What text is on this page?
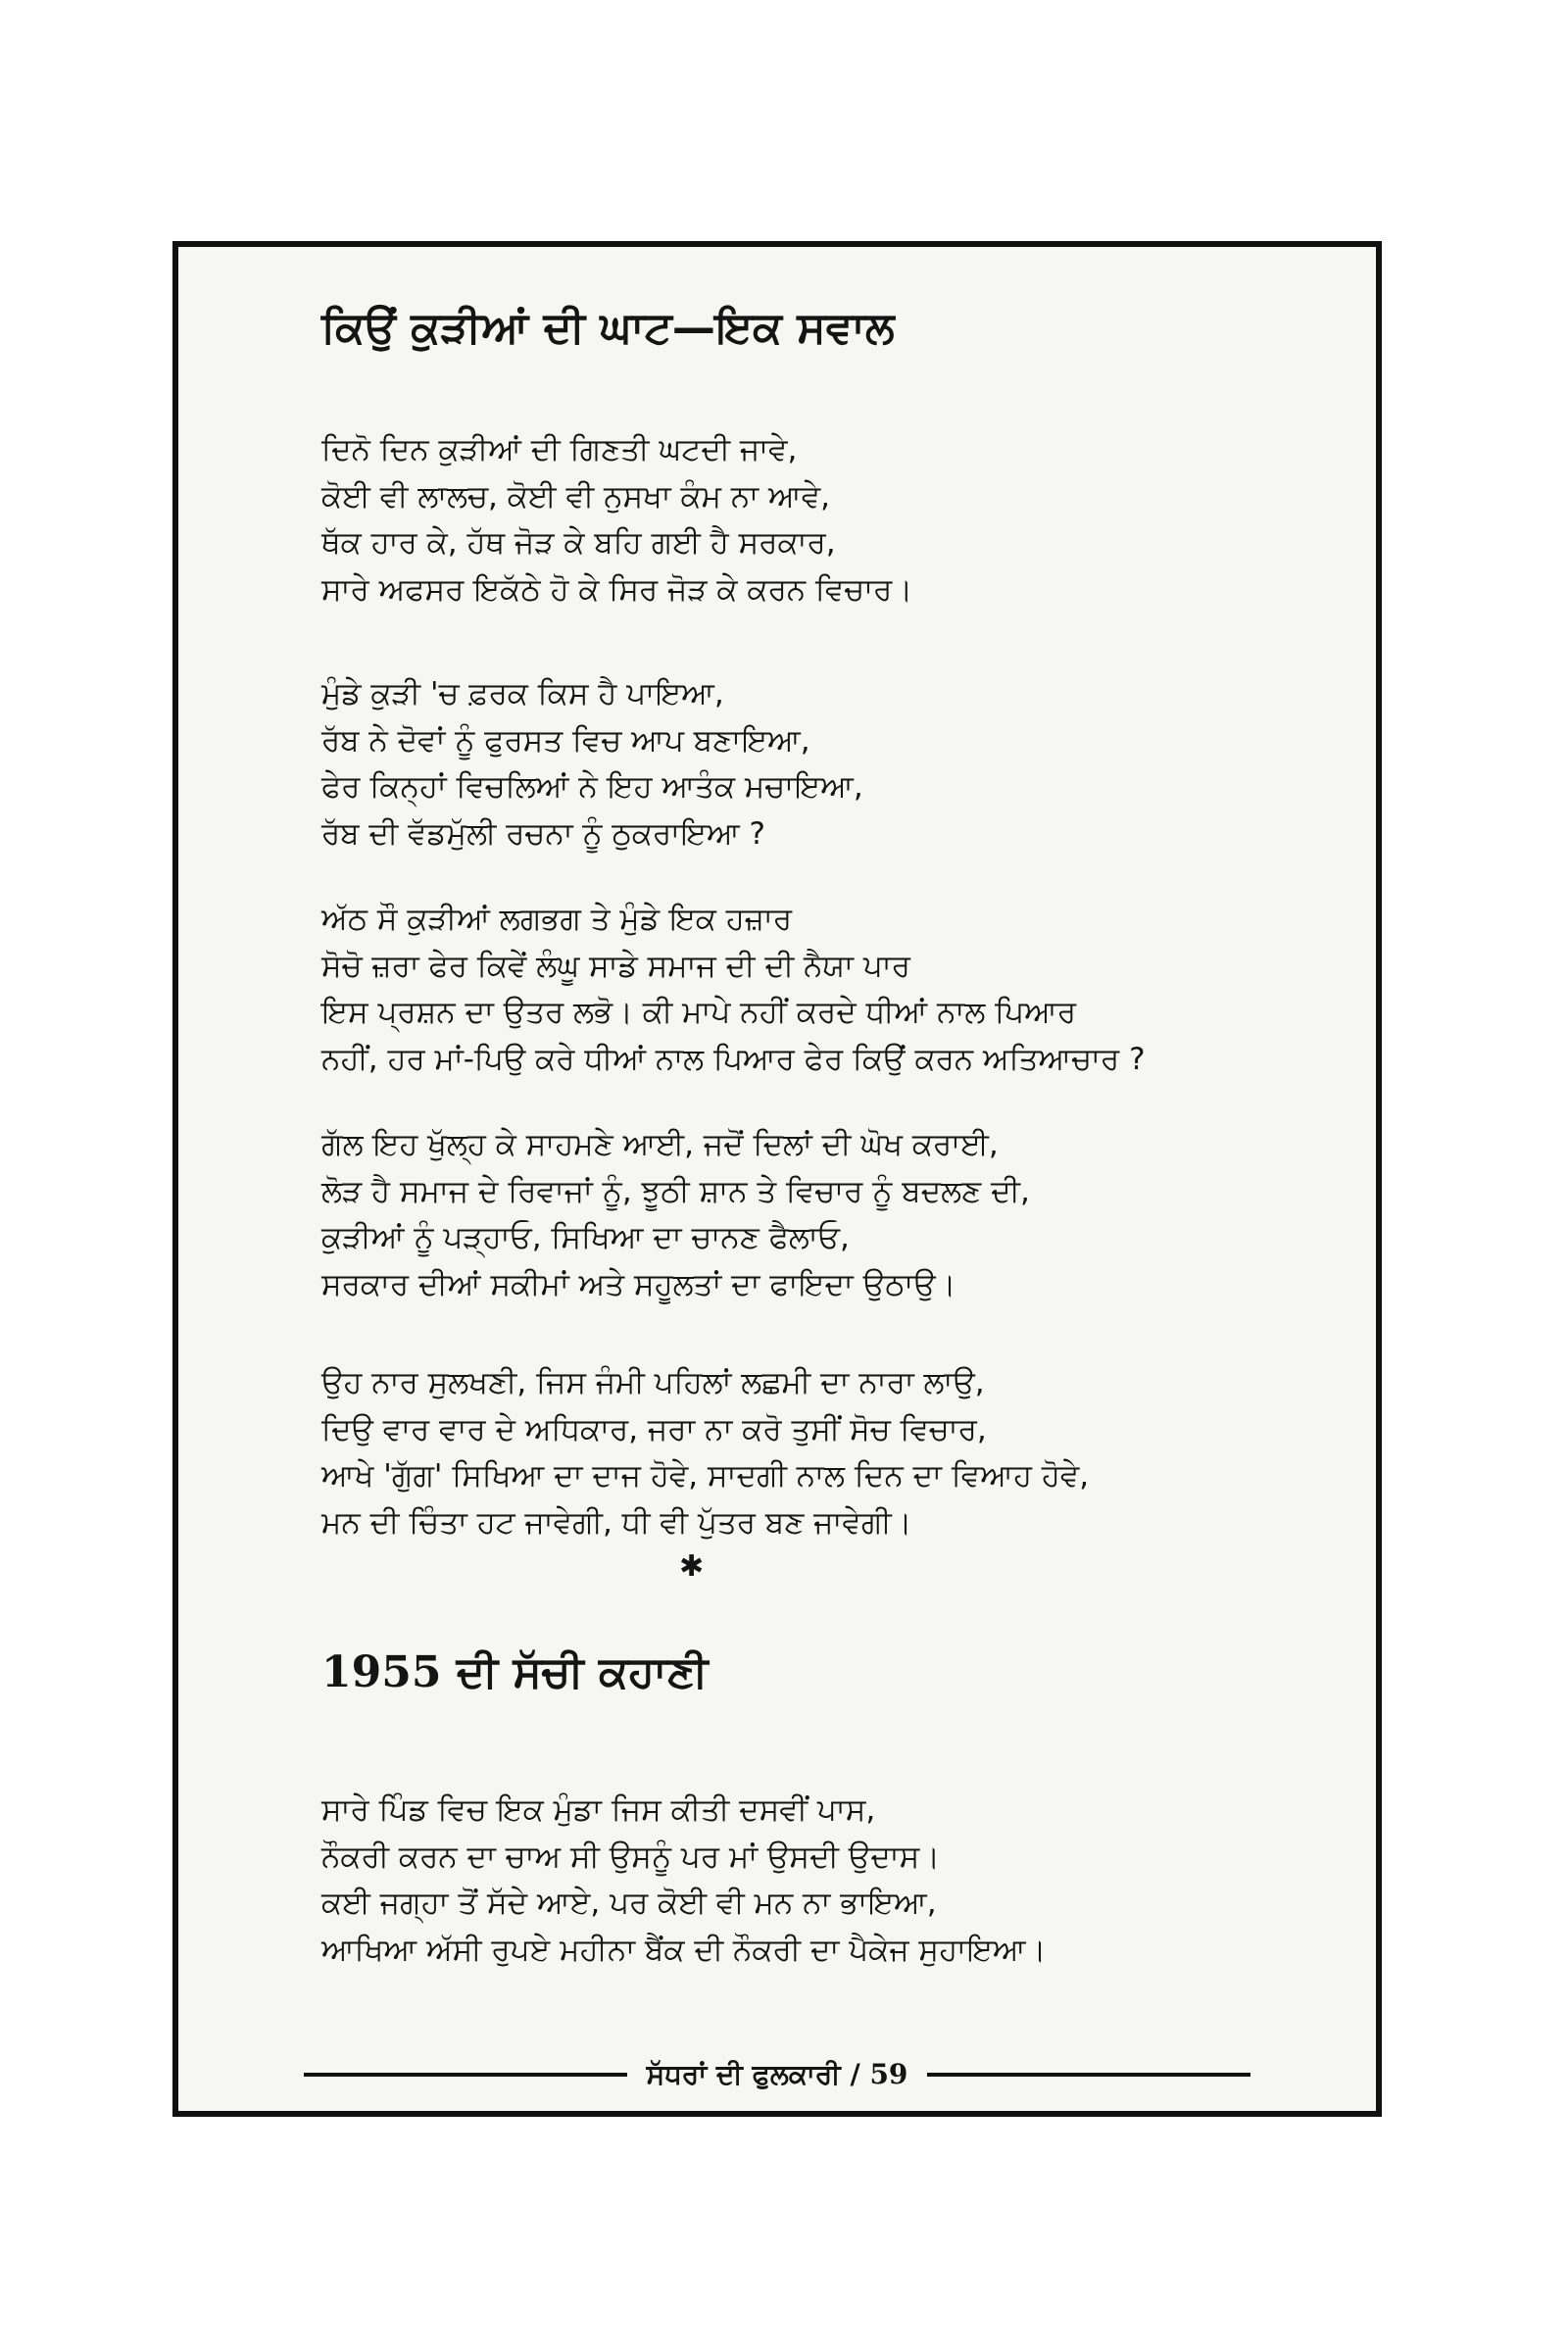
ਕਿਉਂ ਕੁੜੀਆਂ ਦੀ ਘਾਟ—ਇਕ ਸਵਾਲ
ਦਿਨੋ ਦਿਨ ਕੁੜੀਆਂ ਦੀ ਗਿਣਤੀ ਘਟਦੀ ਜਾਵੇ,
ਕੋਈ ਵੀ ਲਾਲਚ, ਕੋਈ ਵੀ ਨੁਸਖਾ ਕੰਮ ਨਾ ਆਵੇ,
ਥੱਕ ਹਾਰ ਕੇ, ਹੱਥ ਜੋੜ ਕੇ ਬਹਿ ਗਈ ਹੈ ਸਰਕਾਰ,
ਸਾਰੇ ਅਫਸਰ ਇਕੱਠੇ ਹੋ ਕੇ ਸਿਰ ਜੋੜ ਕੇ ਕਰਨ ਵਿਚਾਰ।
ਮੁੰਡੇ ਕੁੜੀ 'ਚ ਫ਼ਰਕ ਕਿਸ ਹੈ ਪਾਇਆ,
ਰੱਬ ਨੇ ਦੋਵਾਂ ਨੂੰ ਫੁਰਸਤ ਵਿਚ ਆਪ ਬਣਾਇਆ,
ਫੇਰ ਕਿਨ੍ਹਾਂ ਵਿਚਲਿਆਂ ਨੇ ਇਹ ਆਤੰਕ ਮਚਾਇਆ,
ਰੱਬ ਦੀ ਵੱਡਮੁੱਲੀ ਰਚਨਾ ਨੂੰ ਠੁਕਰਾਇਆ ?
ਅੱਠ ਸੌ ਕੁੜੀਆਂ ਲਗਭਗ ਤੇ ਮੁੰਡੇ ਇਕ ਹਜ਼ਾਰ
ਸੋਚੋ ਜ਼ਰਾ ਫੇਰ ਕਿਵੇਂ ਲੰਘੂ ਸਾਡੇ ਸਮਾਜ ਦੀ ਦੀ ਨੈਯਾ ਪਾਰ
ਇਸ ਪ੍ਰਸ਼ਨ ਦਾ ਉਤਰ ਲਭੋ। ਕੀ ਮਾਪੇ ਨਹੀਂ ਕਰਦੇ ਧੀਆਂ ਨਾਲ ਪਿਆਰ
ਨਹੀਂ, ਹਰ ਮਾਂ-ਪਿਉ ਕਰੇ ਧੀਆਂ ਨਾਲ ਪਿਆਰ ਫੇਰ ਕਿਉਂ ਕਰਨ ਅਤਿਆਚਾਰ ?
ਗੱਲ ਇਹ ਖੁੱਲ੍ਹ ਕੇ ਸਾਹਮਣੇ ਆਈ, ਜਦੋਂ ਦਿਲਾਂ ਦੀ ਘੋਖ ਕਰਾਈ,
ਲੋੜ ਹੈ ਸਮਾਜ ਦੇ ਰਿਵਾਜਾਂ ਨੂੰ, ਝੂਠੀ ਸ਼ਾਨ ਤੇ ਵਿਚਾਰ ਨੂੰ ਬਦਲਣ ਦੀ,
ਕੁੜੀਆਂ ਨੂੰ ਪੜ੍ਹਾਓ, ਸਿਖਿਆ ਦਾ ਚਾਨਣ ਫੈਲਾਓ,
ਸਰਕਾਰ ਦੀਆਂ ਸਕੀਮਾਂ ਅਤੇ ਸਹੂਲਤਾਂ ਦਾ ਫਾਇਦਾ ਉਠਾਉ।
ਉਹ ਨਾਰ ਸੁਲਖਣੀ, ਜਿਸ ਜੰਮੀ ਪਹਿਲਾਂ ਲਛਮੀ ਦਾ ਨਾਰਾ ਲਾਉ,
ਦਿਉ ਵਾਰ ਵਾਰ ਦੇ ਅਧਿਕਾਰ, ਜਰਾ ਨਾ ਕਰੋ ਤੁਸੀਂ ਸੋਚ ਵਿਚਾਰ,
ਆਖੇ 'ਗੁੱਗ' ਸਿਖਿਆ ਦਾ ਦਾਜ ਹੋਵੇ, ਸਾਦਗੀ ਨਾਲ ਦਿਨ ਦਾ ਵਿਆਹ ਹੋਵੇ,
ਮਨ ਦੀ ਚਿੰਤਾ ਹਟ ਜਾਵੇਗੀ, ਧੀ ਵੀ ਪੁੱਤਰ ਬਣ ਜਾਵੇਗੀ।
✱
1955 ਦੀ ਸੱਚੀ ਕਹਾਣੀ
ਸਾਰੇ ਪਿੰਡ ਵਿਚ ਇਕ ਮੁੰਡਾ ਜਿਸ ਕੀਤੀ ਦਸਵੀਂ ਪਾਸ,
ਨੌਕਰੀ ਕਰਨ ਦਾ ਚਾਅ ਸੀ ਉਸਨੂੰ ਪਰ ਮਾਂ ਉਸਦੀ ਉਦਾਸ।
ਕਈ ਜਗ੍ਹਾ ਤੋਂ ਸੱਦੇ ਆਏ, ਪਰ ਕੋਈ ਵੀ ਮਨ ਨਾ ਭਾਇਆ,
ਆਖਿਆ ਅੱਸੀ ਰੁਪਏ ਮਹੀਨਾ ਬੈਂਕ ਦੀ ਨੌਕਰੀ ਦਾ ਪੈਕੇਜ ਸੁਹਾਇਆ।
ਸੱਧਰਾਂ ਦੀ ਫੁਲਕਾਰੀ / 59
